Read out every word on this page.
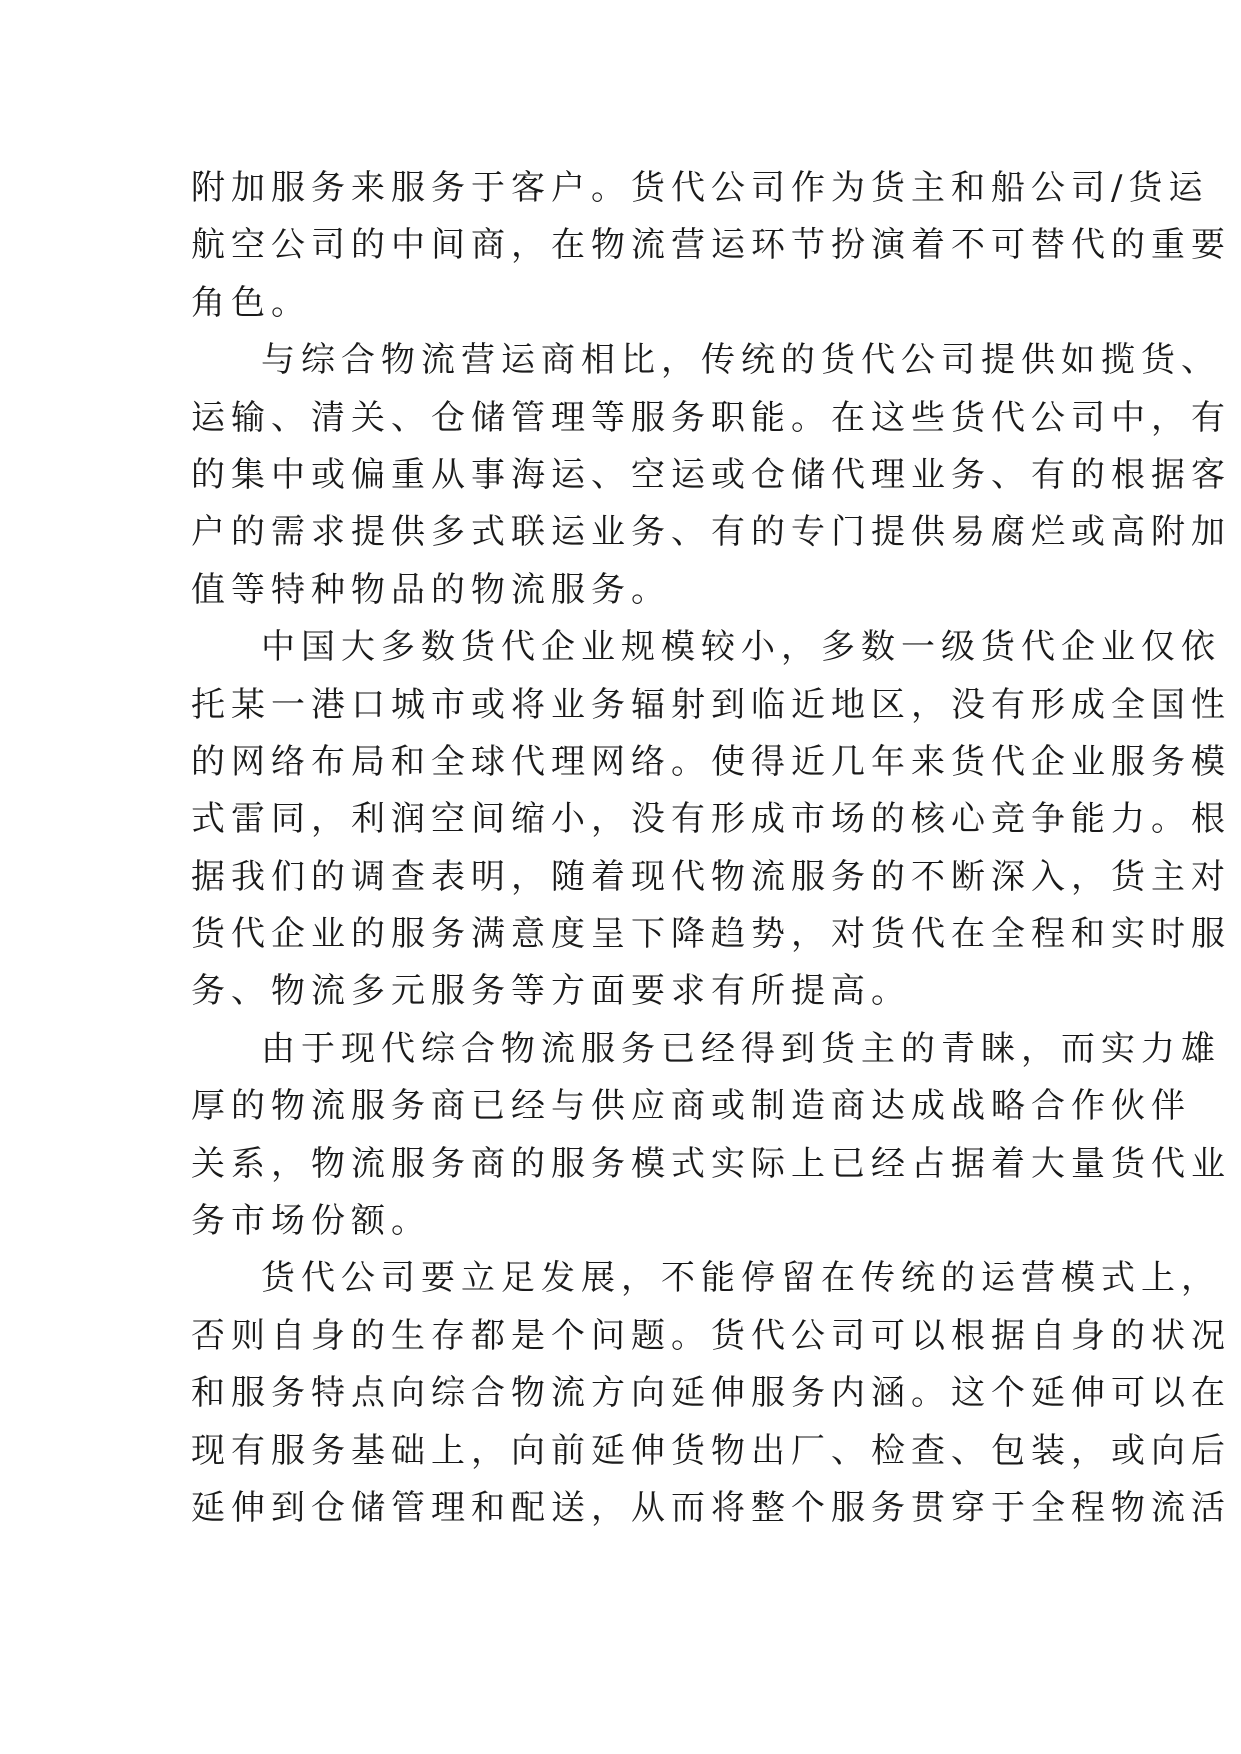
附加服务来服务于客户。货代公司作为货主和船公司/货运
航空公司的中间商，在物流营运环节扮演着不可替代的重要
角色。
与综合物流营运商相比，传统的货代公司提供如揽货、
运输、清关、仓储管理等服务职能。在这些货代公司中，有
的集中或偏重从事海运、空运或仓储代理业务、有的根据客
户的需求提供多式联运业务、有的专门提供易腐烂或高附加
值等特种物品的物流服务。
中国大多数货代企业规模较小，多数一级货代企业仅依
托某一港口城市或将业务辐射到临近地区，没有形成全国性
的网络布局和全球代理网络。使得近几年来货代企业服务模
式雷同，利润空间缩小，没有形成市场的核心竞争能力。根
据我们的调查表明，随着现代物流服务的不断深入，货主对
货代企业的服务满意度呈下降趋势，对货代在全程和实时服
务、物流多元服务等方面要求有所提高。
由于现代综合物流服务已经得到货主的青睐，而实力雄
厚的物流服务商已经与供应商或制造商达成战略合作伙伴
关系，物流服务商的服务模式实际上已经占据着大量货代业
务市场份额。
货代公司要立足发展，不能停留在传统的运营模式上，
否则自身的生存都是个问题。货代公司可以根据自身的状况
和服务特点向综合物流方向延伸服务内涵。这个延伸可以在
现有服务基础上，向前延伸货物出厂、检查、包装，或向后
延伸到仓储管理和配送，从而将整个服务贯穿于全程物流活
